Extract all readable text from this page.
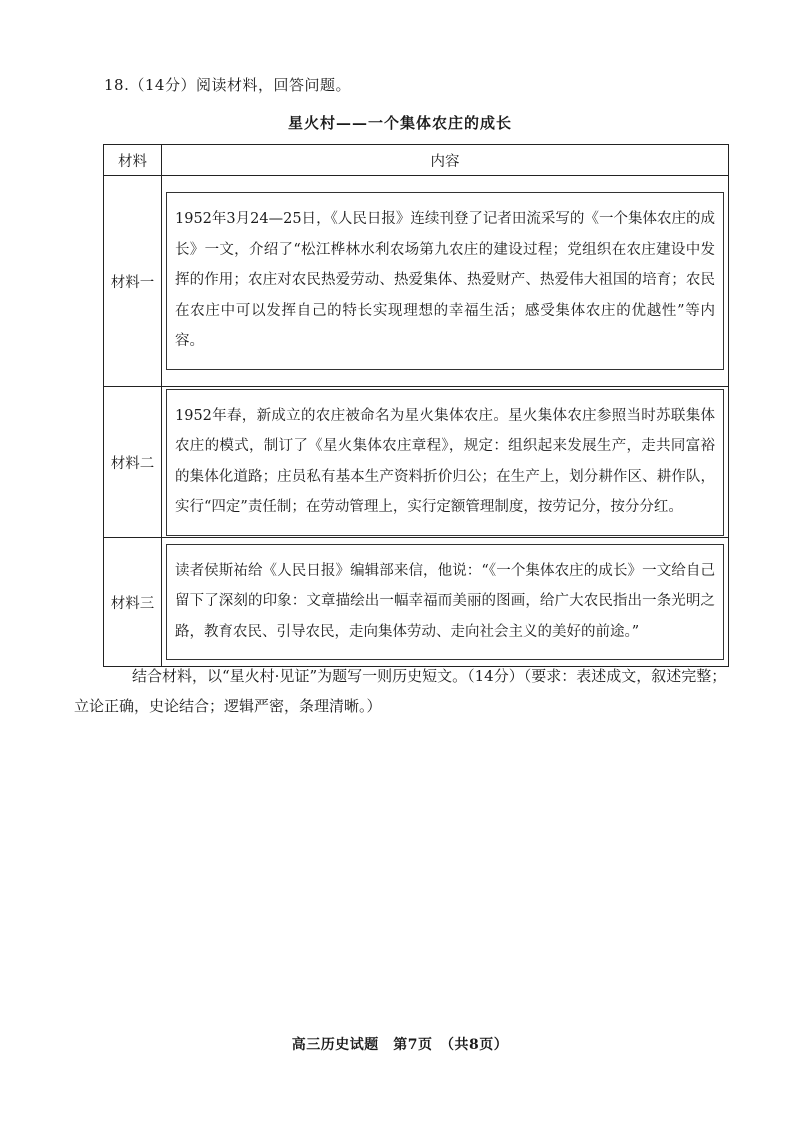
18.（14分）阅读材料，回答问题。
星火村——一个集体农庄的成长
材料	内容
材料一	1952年3月24—25日，《人民日报》连续刊登了记者田流采写的《一个集体农庄的成长》一文，介绍了“松江桦林水利农场第九农庄的建设过程；党组织在农庄建设中发挥的作用；农庄对农民热爱劳动、热爱集体、热爱财产、热爱伟大祖国的培育；农民在农庄中可以发挥自己的特长实现理想的幸福生活；感受集体农庄的优越性”等内容。

材料二	1952年春，新成立的农庄被命名为星火集体农庄。星火集体农庄参照当时苏联集体农庄的模式，制订了《星火集体农庄章程》，规定：组织起来发展生产，走共同富裕的集体化道路；庄员私有基本生产资料折价归公；在生产上，划分耕作区、耕作队，实行“四定”责任制；在劳动管理上，实行定额管理制度，按劳记分，按分分红。

材料三	读者侯斯祐给《人民日报》编辑部来信，他说：“《一个集体农庄的成长》一文给自己留下了深刻的印象：文章描绘出一幅幸福而美丽的图画，给广大农民指出一条光明之路，教育农民、引导农民，走向集体劳动、走向社会主义的美好的前途。”
结合材料，以“星火村·见证”为题写一则历史短文。（14分）（要求：表述成文，叙述完整；
立论正确，史论结合；逻辑严密，条理清晰。）
高三历史试题　第7页　（共8页）
